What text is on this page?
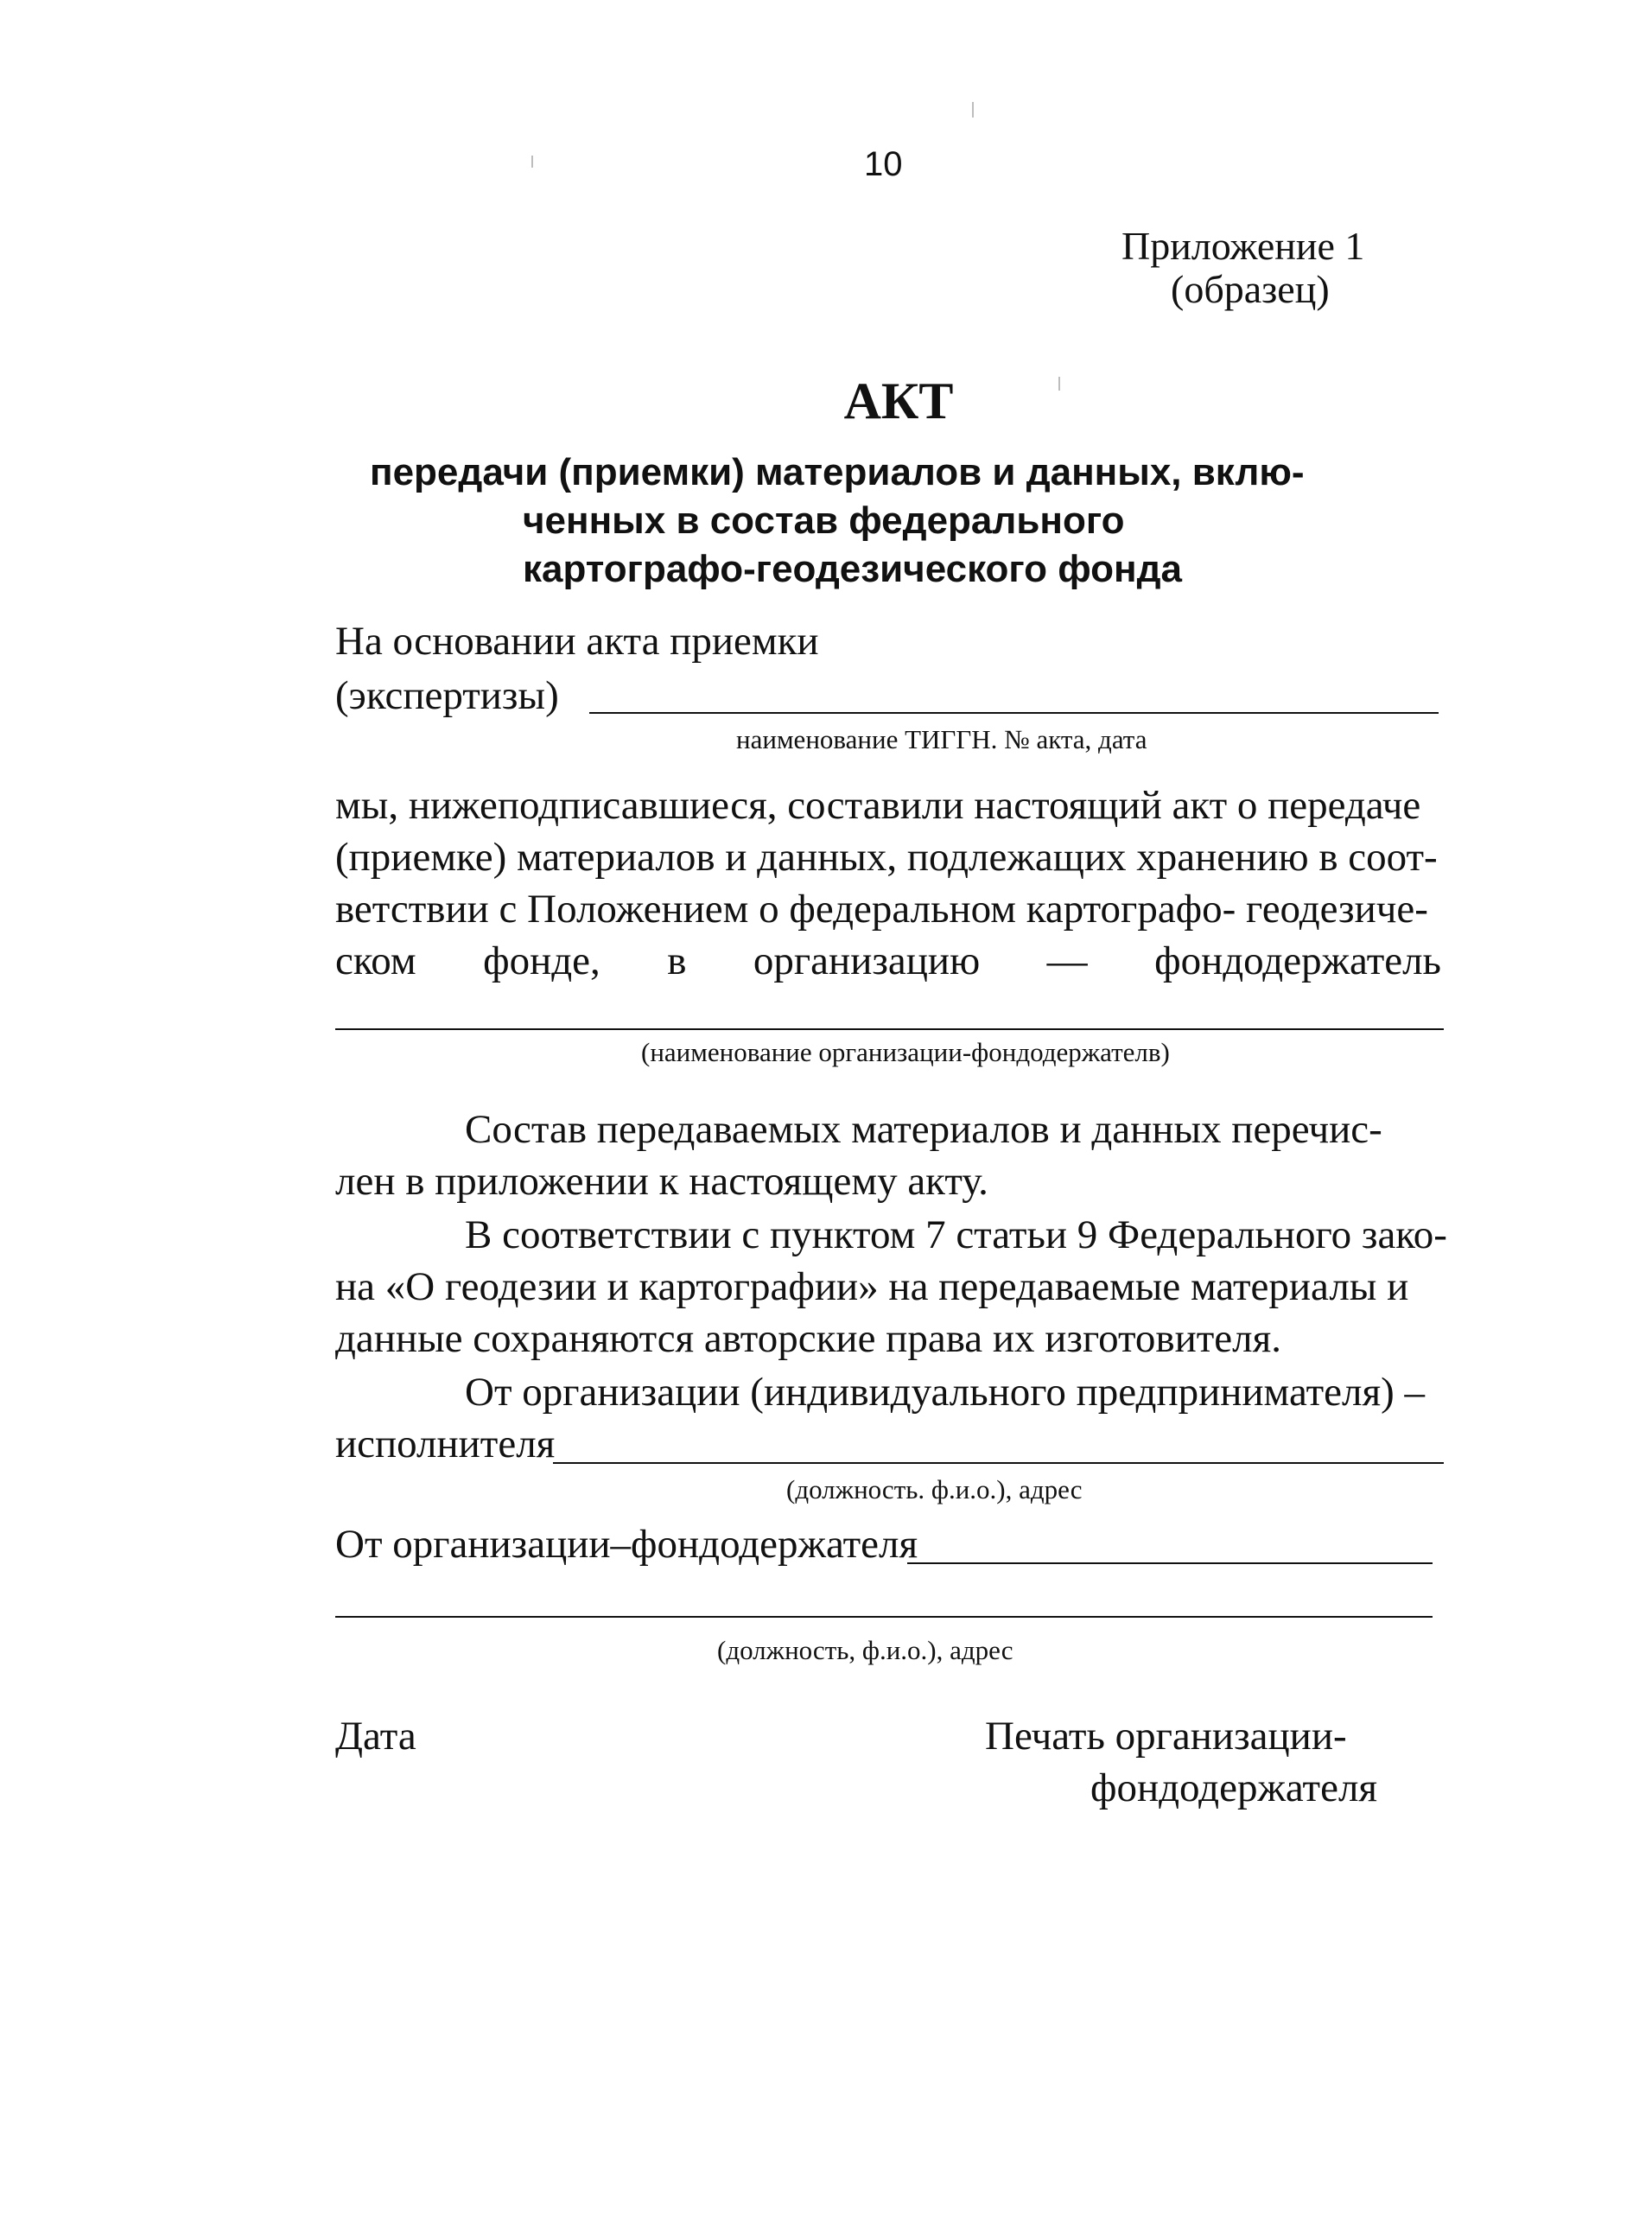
10
Приложение 1
(образец)
АКТ
передачи (приемки) материалов и данных, вклю-
ченных в состав федерального
картографо-геодезического фонда
На основании акта приемки
(экспертизы)
наименование ТИГГН. № акта, дата
мы, нижеподписавшиеся, составили настоящий акт о передаче
(приемке) материалов и данных, подлежащих хранению в соот-
ветствии с Положением о федеральном картографо- геодезиче-
ском фонде, в организацию — фондодержатель
(наименование организации-фондодержателв)
Состав передаваемых материалов и данных перечис-
лен в приложении к настоящему акту.
В соответствии с пунктом 7 статьи 9 Федерального зако-
на «О геодезии и картографии» на передаваемые материалы и
данные сохраняются авторские права их изготовителя.
От организации (индивидуального предпринимателя) –
исполнителя
(должность. ф.и.о.), адрес
От организации–фондодержателя
(должность, ф.и.о.), адрес
Дата	Печать организации-
фондодержателя
